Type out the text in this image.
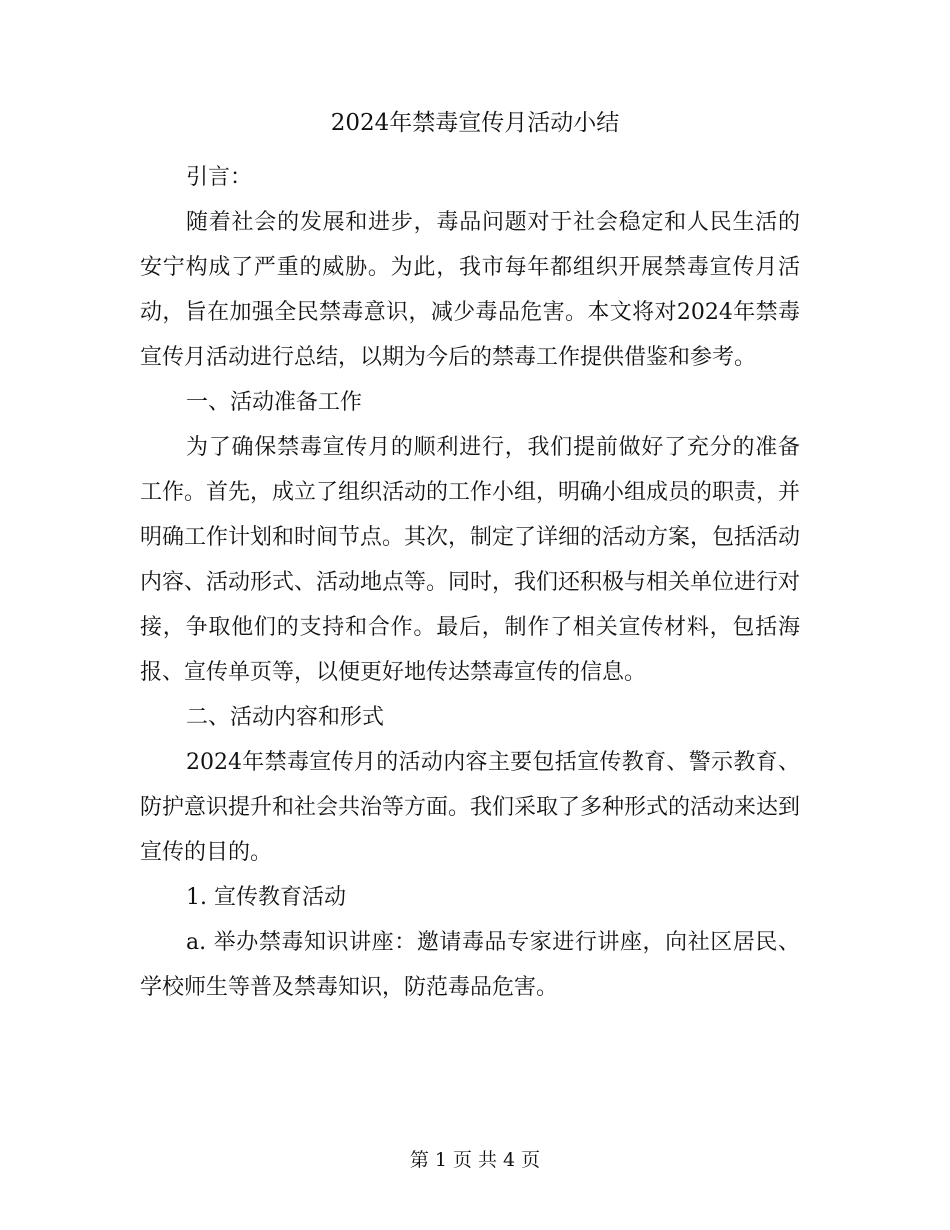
2024年禁毒宣传月活动小结

引言：

随着社会的发展和进步，毒品问题对于社会稳定和人民生活的安宁构成了严重的威胁。为此，我市每年都组织开展禁毒宣传月活动，旨在加强全民禁毒意识，减少毒品危害。本文将对2024年禁毒宣传月活动进行总结，以期为今后的禁毒工作提供借鉴和参考。

一、活动准备工作

为了确保禁毒宣传月的顺利进行，我们提前做好了充分的准备工作。首先，成立了组织活动的工作小组，明确小组成员的职责，并明确工作计划和时间节点。其次，制定了详细的活动方案，包括活动内容、活动形式、活动地点等。同时，我们还积极与相关单位进行对接，争取他们的支持和合作。最后，制作了相关宣传材料，包括海报、宣传单页等，以便更好地传达禁毒宣传的信息。

二、活动内容和形式

2024年禁毒宣传月的活动内容主要包括宣传教育、警示教育、防护意识提升和社会共治等方面。我们采取了多种形式的活动来达到宣传的目的。

1. 宣传教育活动

a. 举办禁毒知识讲座：邀请毒品专家进行讲座，向社区居民、学校师生等普及禁毒知识，防范毒品危害。

第 1 页 共 4 页
